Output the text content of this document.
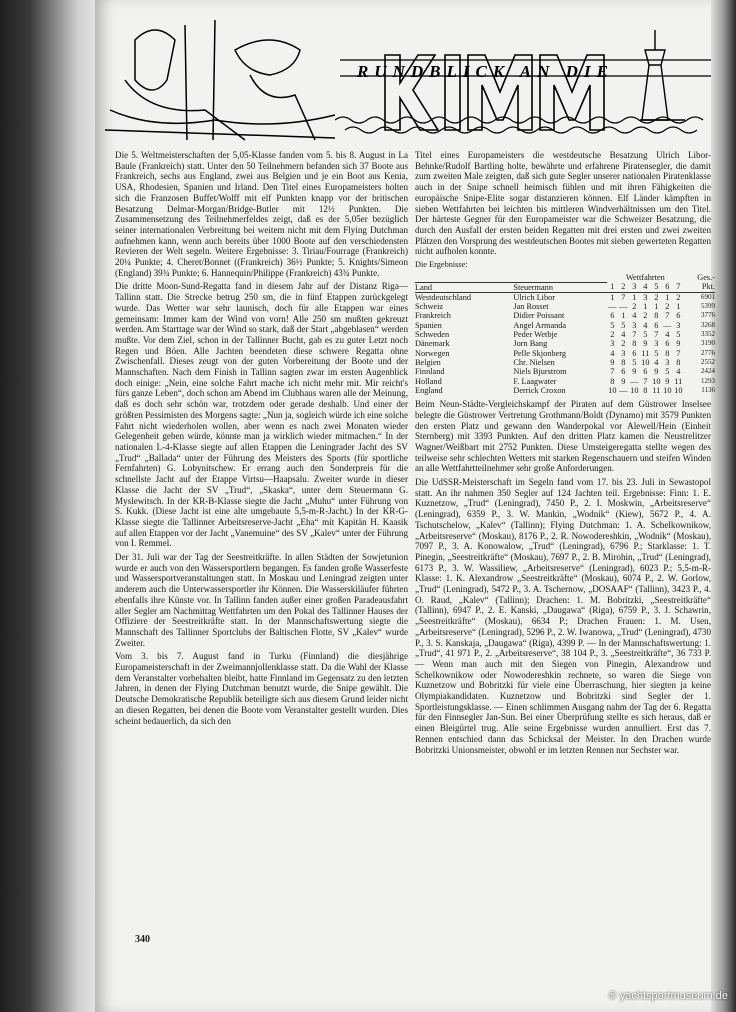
RUNDBLICK AN DIE

Die 5. Weltmeisterschaften der 5,05-Klasse fanden vom 5. bis 8. August in La Baule (Frankreich) statt. Unter den 50 Teilnehmern befanden sich 37 Boote aus Frankreich, sechs aus England, zwei aus Belgien und je ein Boot aus Kenia, USA, Rhodesien, Spanien und Irland. Den Titel eines Europameisters holten sich die Franzosen Buffet/Wolff mit elf Punkten knapp vor der britischen Besatzung Delmar-Morgan/Bridge-Butler mit 12½ Punkten. Die Zusammensetzung des Teilnehmerfeldes zeigt, daß es der 5,05er bezüglich seiner internationalen Verbreitung bei weitem nicht mit dem Flying Dutchman aufnehmen kann, wenn auch bereits über 1000 Boote auf den verschiedensten Revieren der Welt segeln. Weitere Ergebnisse: 3. Tiriau/Fourrage (Frankreich) 20¼ Punkte; 4. Cheret/Bonnet ((Frankreich) 36½ Punkte; 5. Knights/Simeon (England) 39¾ Punkte; 6. Hannequin/Philippe (Frankreich) 43¾ Punkte.

Die dritte Moon-Sund-Regatta fand in diesem Jahr auf der Distanz Riga—Tallinn statt. Die Strecke betrug 250 sm, die in fünf Etappen zurückgelegt wurde. Das Wetter war sehr launisch, doch für alle Etappen war eines gemeinsam: Immer kam der Wind von vorn! Alle 250 sm mußten gekreuzt werden. Am Starttage war der Wind so stark, daß der Start „abgeblasen“ werden mußte. Vor dem Ziel, schon in der Tallinner Bucht, gab es zu guter Letzt noch Regen und Böen. Alle Jachten beendeten diese schwere Regatta ohne Zwischenfall. Dieses zeugt von der guten Vorbereitung der Boote und der Mannschaften. Nach dem Finish in Tallinn sagten zwar im ersten Augenblick doch einige: „Nein, eine solche Fahrt mache ich nicht mehr mit. Mir reicht's fürs ganze Leben“, doch schon am Abend im Clubhaus waren alle der Meinung, daß es doch sehr schön war, trotzdem oder gerade deshalb. Und einer der größten Pessimisten des Morgens sagte: „Nun ja, sogleich würde ich eine solche Fahrt nicht wiederholen wollen, aber wenn es nach zwei Monaten wieder Gelegenheit geben würde, könnte man ja wirklich wieder mitmachen.“ In der nationalen L-4-Klasse siegte auf allen Etappen die Leningrader Jacht des SV „Trud“ „Ballada“ unter der Führung des Meisters des Sports (für sportliche Fernfahrten) G. Lobynitschew. Er errang auch den Sonderpreis für die schnellste Jacht auf der Etappe Virtsu—Haapsalu. Zweiter wurde in dieser Klasse die Jacht der SV „Trud“, „Skaska“, unter dem Steuermann G. Myslewitsch. In der KR-B-Klasse siegte die Jacht „Muhu“ unter Führung von S. Kukk. (Diese Jacht ist eine alte umgebaute 5,5-m-R-Jacht.) In der KR-G-Klasse siegte die Tallinner Arbeitsreserve-Jacht „Eha“ mit Kapitän H. Kaasik auf allen Etappen vor der Jacht „Vanemuine“ des SV „Kalev“ unter der Führung von I. Remmel.

Der 31. Juli war der Tag der Seestreitkräfte. In allen Städten der Sowjetunion wurde er auch von den Wassersportlern begangen. Es fanden große Wasserfeste und Wassersportveranstaltungen statt. In Moskau und Leningrad zeigten unter anderem auch die Unterwassersportler ihr Können. Die Wasserskiläufer führten ebenfalls ihre Künste vor. In Tallinn fanden außer einer großen Paradeausfahrt aller Segler am Nachmittag Wettfahrten um den Pokal des Tallinner Hauses der Offiziere der Seestreitkräfte statt. In der Mannschaftswertung siegte die Mannschaft des Tallinner Sportclubs der Baltischen Flotte, SV „Kalev“ wurde Zweiter.

Vom 3. bis 7. August fand in Turku (Finnland) die diesjährige Europameisterschaft in der Zweimannjollenklasse statt. Da die Wahl der Klasse dem Veranstalter vorbehalten bleibt, hatte Finnland im Gegensatz zu den letzten Jahren, in denen der Flying Dutchman benutzt wurde, die Snipe gewählt. Die Deutsche Demokratische Republik beteiligte sich aus diesem Grund leider nicht an diesen Regatten, bei denen die Boote vom Veranstalter gestellt wurden. Dies scheint bedauerlich, da sich den

Titel eines Europameisters die westdeutsche Besatzung Ulrich Libor-Behnke/Rudolf Bartling holte, bewährte und erfahrene Piratensegler, die damit zum zweiten Male zeigten, daß sich gute Segler unserer nationalen Piratenklasse auch in der Snipe schnell heimisch fühlen und mit ihren Fähigkeiten die europäische Snipe-Elite sogar distanzieren können. Elf Länder kämpften in sieben Wettfahrten bei leichten bis mittleren Windverhältnissen um den Titel. Der härteste Gegner für den Europameister war die Schweizer Besatzung, die durch den Ausfall der ersten beiden Regatten mit drei ersten und zwei zweiten Plätzen den Vorsprung des westdeutschen Bootes mit sieben gewerteten Regatten nicht aufholen konnte.

Die Ergebnisse:
		Wettfahrten							Ges.-
Land	Steuermann	1	2	3	4	5	6	7	Pkt.
Westdeutschland	Ulrich Libor	1	7	1	3	2	1	2	6901
Schweiz	Jan Rosset	—	—	2	1	1	2	1	5399
Frankreich	Didier Poissant	6	1	4	2	8	7	6	3776
Spanien	Angel Armanda	5	5	3	4	6	—	3	3268
Schweden	Peder Wetbje	2	4	7	5	7	4	5	3352
Dänemark	Jorn Bang	3	2	8	9	3	6	9	3190
Norwegen	Pelle Skjonberg	4	3	6	11	5	8	7	2776
Belgien	Chr. Nielsen	9	8	5	10	4	3	8	2552
Finnland	Niels Bjurstrom	7	6	9	6	9	5	4	2424
Holland	F. Laagwater	8	9	—	7	10	9	11	1293
England	Derrick Croxon	10	—	10	8	11	10	10	1136

Beim Neun-Städte-Vergleichskampf der Piraten auf dem Güstrower Inselsee belegte die Güstrower Vertretung Grothmann/Boldt (Dynamo) mit 3579 Punkten den ersten Platz und gewann den Wanderpokal vor Alewell/Hein (Einheit Sternberg) mit 3393 Punkten. Auf den dritten Platz kamen die Neustrelitzer Wagner/Weißbart mit 2752 Punkten. Diese Umsteigeregatta stellte wegen des teilweise sehr schlechten Wetters mit starken Regenschauern und steifen Winden an alle Wettfahrtteilnehmer sehr große Anforderungen.

Die UdSSR-Meisterschaft im Segeln fand vom 17. bis 23. Juli in Sewastopol statt. An ihr nahmen 350 Segler auf 124 Jachten teil. Ergebnisse: Finn: 1. E. Kuznetzow, „Trud“ (Leningrad), 7450 P., 2. I. Moskwin, „Arbeitsreserve“ (Leningrad), 6359 P., 3. W. Mankin, „Wodnik“ (Kiew), 5672 P., 4. A. Tschutschelow, „Kalev“ (Tallinn); Flying Dutchman: 1. A. Schelkownikow, „Arbeitsreserve“ (Moskau), 8176 P., 2. R. Nowodereshkin, „Wodnik“ (Moskau), 7097 P., 3. A. Konowalow, „Trud“ (Leningrad), 6796 P.; Starklasse: 1. T. Pinegin, „Seestreitkräfte“ (Moskau), 7697 P., 2. B. Mirohin, „Trud“ (Leningrad), 6173 P., 3. W. Wassiliew, „Arbeitsreserve“ (Leningrad), 6023 P.; 5,5-m-R-Klasse: 1. K. Alexandrow „Seestreitkräfte“ (Moskau), 6074 P., 2. W. Gorlow, „Trud“ (Leningrad), 5472 P., 3. A. Tschernow, „DOSAAF“ (Tallinn), 3423 P., 4. O. Raud, „Kalev“ (Tallinn); Drachen: 1. M. Bobritzki, „Seestreitkräfte“ (Tallinn), 6947 P., 2. E. Kanski, „Daugawa“ (Riga), 6759 P., 3. J. Schawrin, „Seestreitkräfte“ (Moskau), 6634 P.; Drachen Frauen: 1. M. Usen, „Arbeitsreserve“ (Leningrad), 5296 P., 2. W. Iwanowa, „Trud“ (Leningrad), 4730 P., 3. S. Kanskaja, „Daugawa“ (Riga), 4399 P. — In der Mannschaftswertung: 1. „Trud“, 41 971 P., 2. „Arbeitsreserve“, 38 104 P., 3. „Seestreitkräfte“, 36 733 P. — Wenn man auch mit den Siegen von Pinegin, Alexandrow und Schelkownikow oder Nowodereshkin rechnete, so waren die Siege von Kuznetzow und Bobritzki für viele eine Überraschung, hier siegten ja keine Olympiakandidaten. Kuznetzow und Bobritzki sind Segler der 1. Sportleistungsklasse. — Einen schlimmen Ausgang nahm der Tag der 6. Regatta für den Finnsegler Jan-Sun. Bei einer Überprüfung stellte es sich heraus, daß er einen Bleigürtel trug. Alle seine Ergebnisse wurden annulliert. Erst das 7. Rennen entschied dann das Schicksal der Meister. In den Drachen wurde Bobritzki Unionsmeister, obwohl er im letzten Rennen nur Sechster war.

340
© yachtsportmuseum.de
